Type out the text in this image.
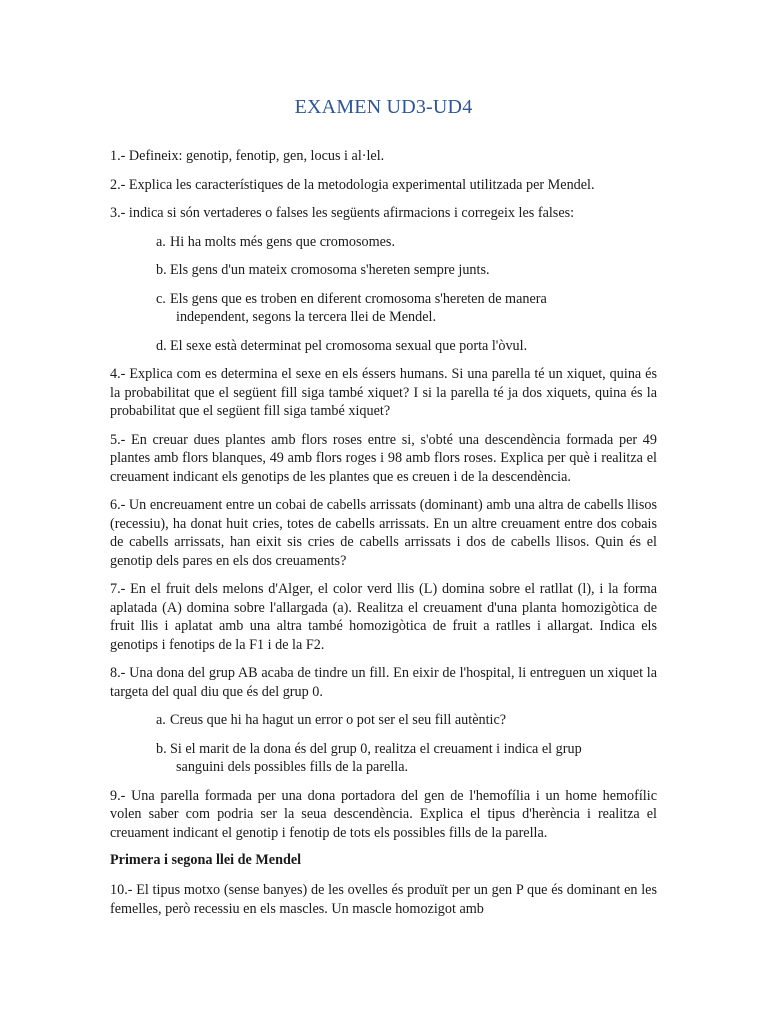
EXAMEN UD3-UD4

1.- Defineix: genotip, fenotip, gen, locus i al·lel.

2.- Explica les característiques de la metodologia experimental utilitzada per Mendel.

3.- indica si són vertaderes o falses les següents afirmacions i corregeix les falses:

a. Hi ha molts més gens que cromosomes.
b. Els gens d'un mateix cromosoma s'hereten sempre junts.
c. Els gens que es troben en diferent cromosoma s'hereten de manera
independent, segons la tercera llei de Mendel.
d. El sexe està determinat pel cromosoma sexual que porta l'òvul.

4.- Explica com es determina el sexe en els éssers humans. Si una parella té un xiquet, quina és la probabilitat que el següent fill siga també xiquet? I si la parella té ja dos xiquets, quina és la probabilitat que el següent fill siga també xiquet?

5.- En creuar dues plantes amb flors roses entre si, s'obté una descendència formada per 49 plantes amb flors blanques, 49 amb flors roges i 98 amb flors roses. Explica per què i realitza el creuament indicant els genotips de les plantes que es creuen i de la descendència.

6.- Un encreuament entre un cobai de cabells arrissats (dominant) amb una altra de cabells llisos (recessiu), ha donat huit cries, totes de cabells arrissats. En un altre creuament entre dos cobais de cabells arrissats, han eixit sis cries de cabells arrissats i dos de cabells llisos. Quin és el genotip dels pares en els dos creuaments?

7.- En el fruit dels melons d'Alger, el color verd llis (L) domina sobre el ratllat (l), i la forma aplatada (A) domina sobre l'allargada (a). Realitza el creuament d'una planta homozigòtica de fruit llis i aplatat amb una altra també homozigòtica de fruit a ratlles i allargat. Indica els genotips i fenotips de la F1 i de la F2.

8.- Una dona del grup AB acaba de tindre un fill. En eixir de l'hospital, li entreguen un xiquet la targeta del qual diu que és del grup 0.

a. Creus que hi ha hagut un error o pot ser el seu fill autèntic?
b. Si el marit de la dona és del grup 0, realitza el creuament i indica el grup
sanguini dels possibles fills de la parella.

9.- Una parella formada per una dona portadora del gen de l'hemofília i un home hemofílic volen saber com podria ser la seua descendència. Explica el tipus d'herència i realitza el creuament indicant el genotip i fenotip de tots els possibles fills de la parella.

Primera i segona llei de Mendel

10.- El tipus motxo (sense banyes) de les ovelles és produït per un gen P que és dominant en les femelles, però recessiu en els mascles. Un mascle homozigot amb
